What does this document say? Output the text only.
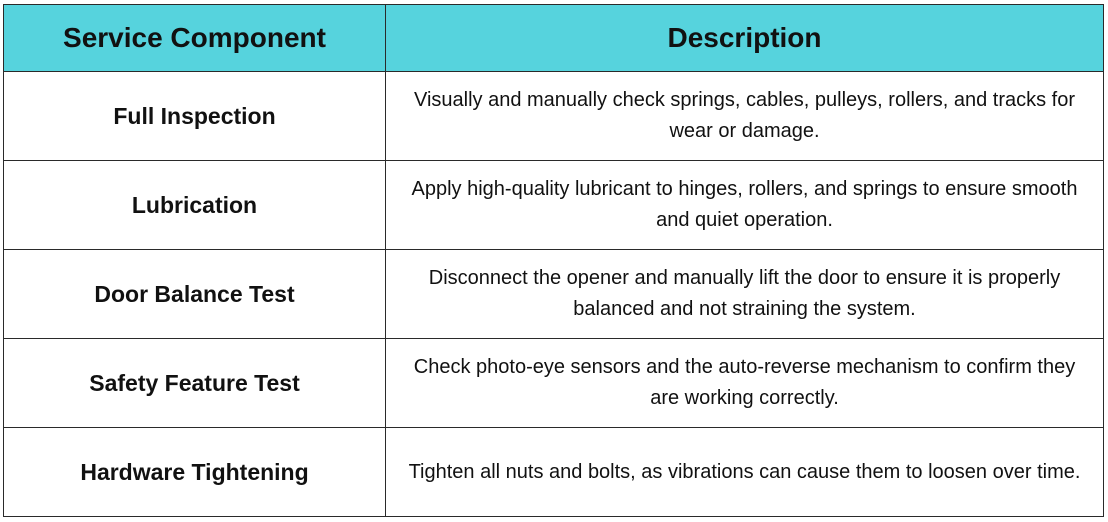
Service Component	Description
Full Inspection	Visually and manually check springs, cables, pulleys, rollers, and tracks for wear or damage.
Lubrication	Apply high-quality lubricant to hinges, rollers, and springs to ensure smooth and quiet operation.
Door Balance Test	Disconnect the opener and manually lift the door to ensure it is properly balanced and not straining the system.
Safety Feature Test	Check photo-eye sensors and the auto-reverse mechanism to confirm they are working correctly.
Hardware Tightening	Tighten all nuts and bolts, as vibrations can cause them to loosen over time.
